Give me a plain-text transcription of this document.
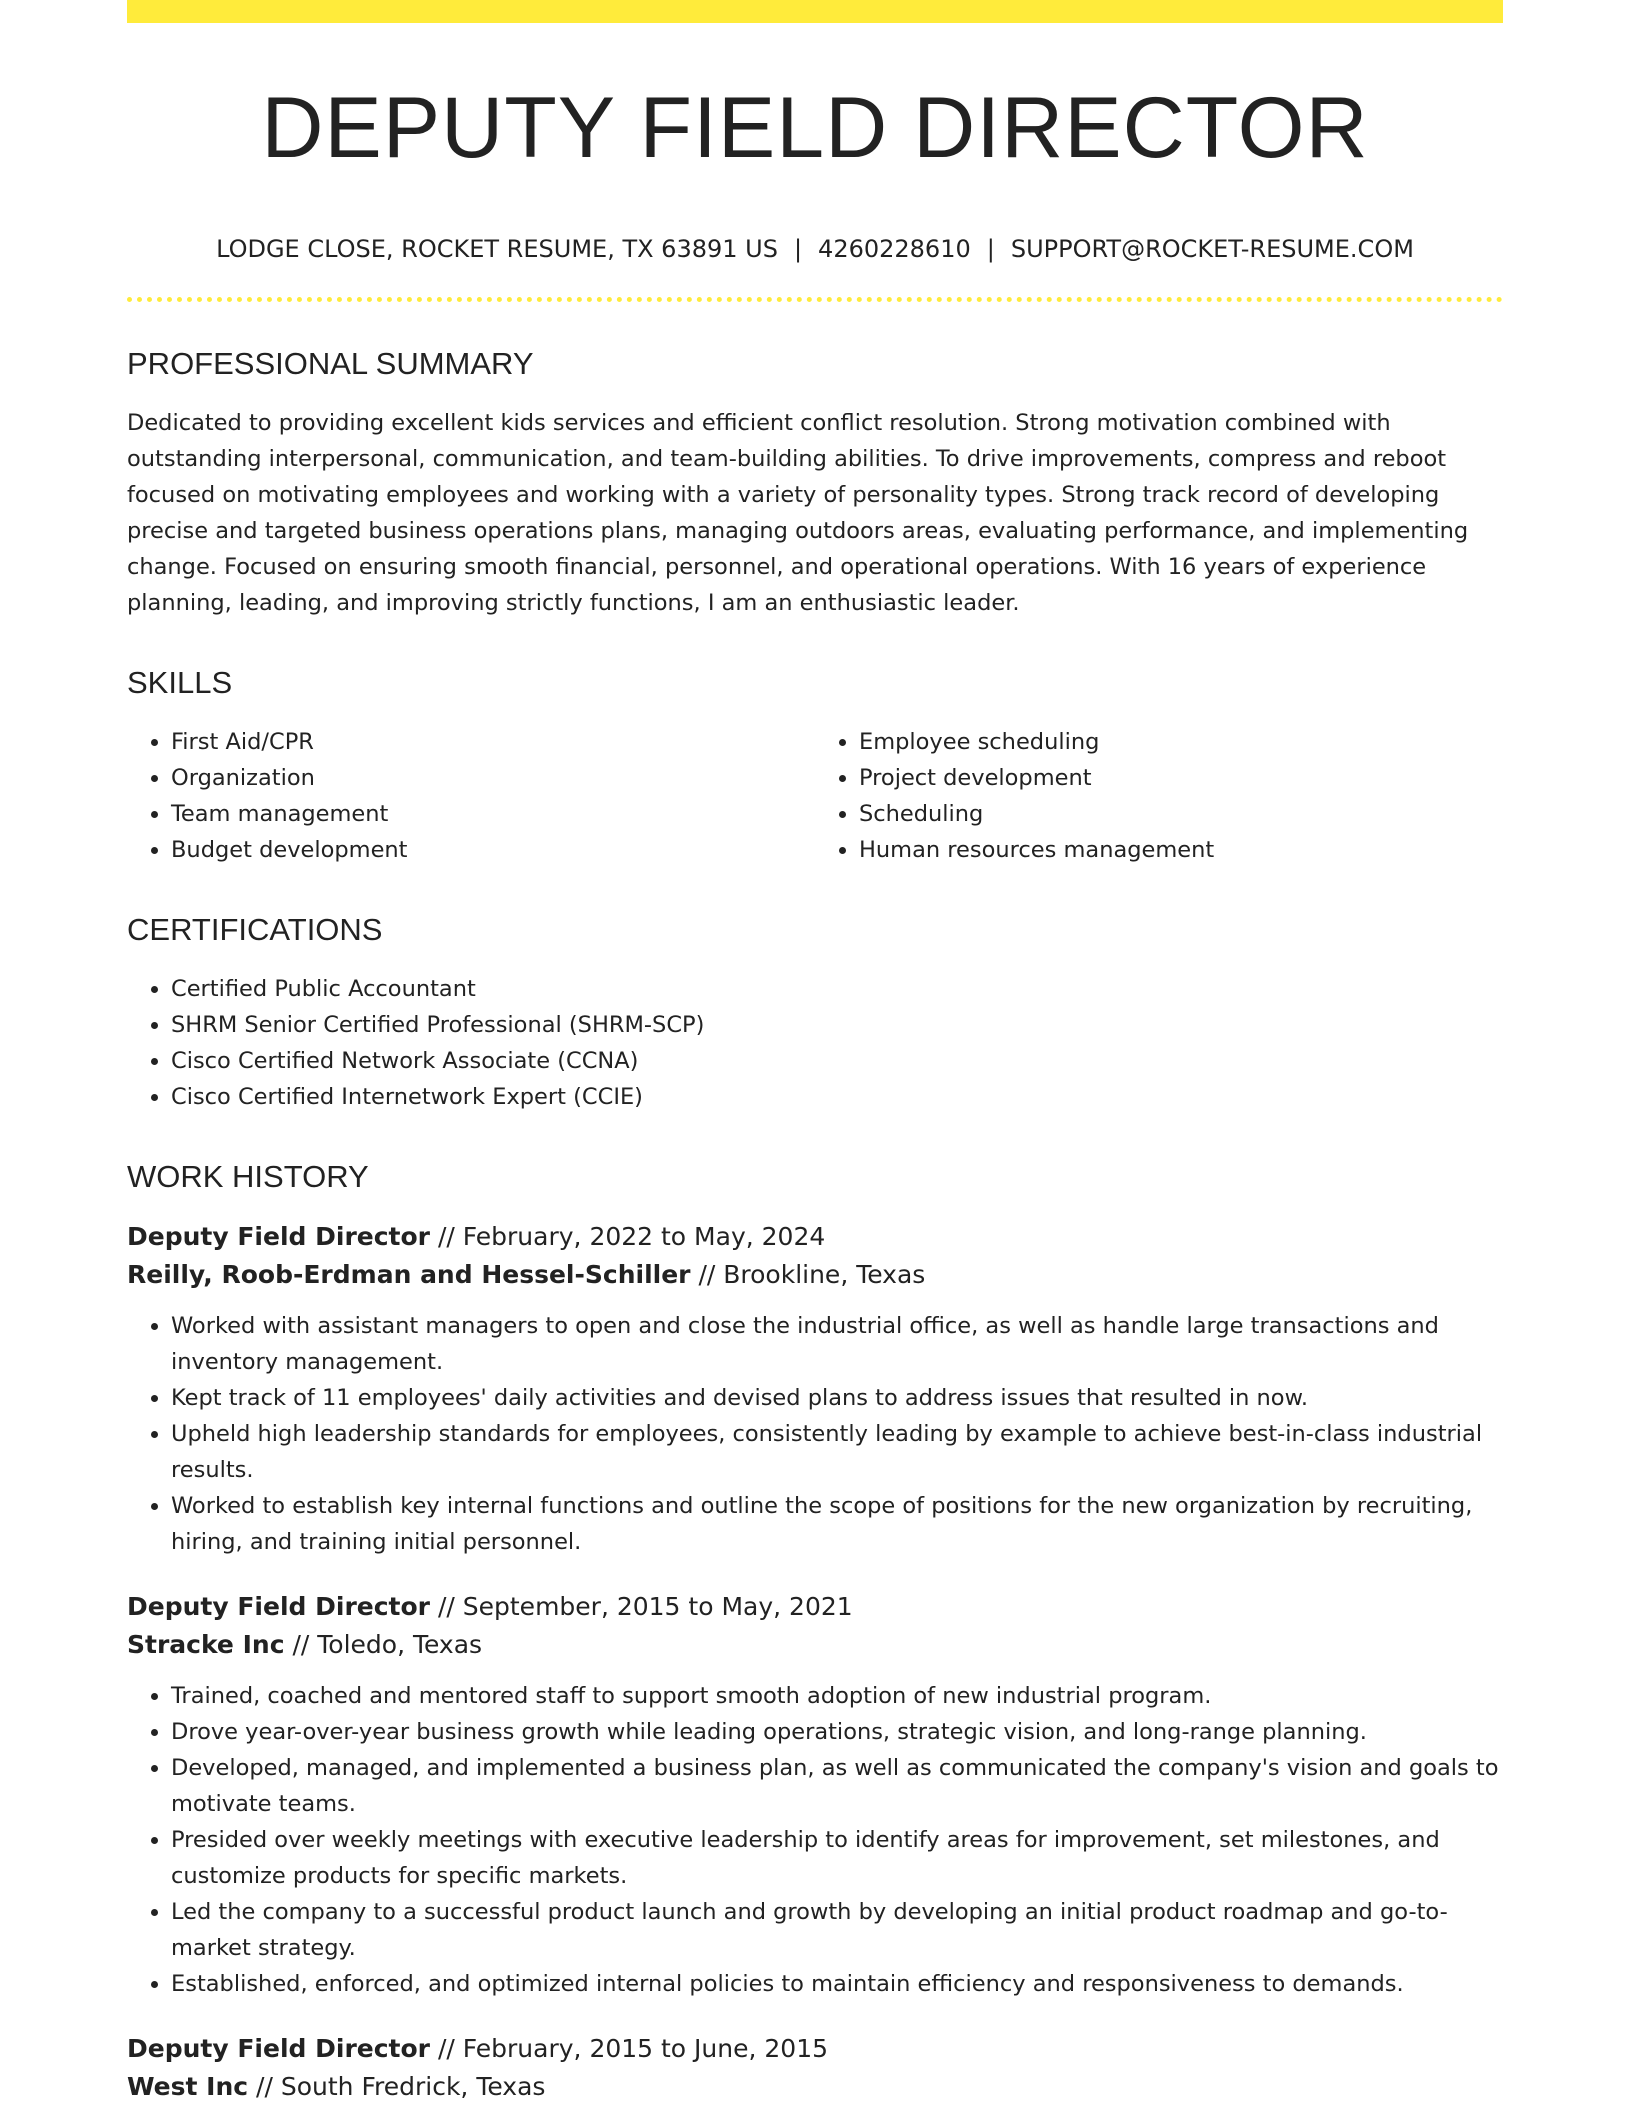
DEPUTY FIELD DIRECTOR
LODGE CLOSE, ROCKET RESUME, TX 63891 US | 4260228610 | SUPPORT@ROCKET-RESUME.COM
PROFESSIONAL SUMMARY

Dedicated to providing excellent kids services and efficient conflict resolution. Strong motivation combined with outstanding interpersonal, communication, and team-building abilities. To drive improvements, compress and reboot focused on motivating employees and working with a variety of personality types. Strong track record of developing precise and targeted business operations plans, managing outdoors areas, evaluating performance, and implementing change. Focused on ensuring smooth financial, personnel, and operational operations. With 16 years of experience planning, leading, and improving strictly functions, I am an enthusiastic leader.

SKILLS
• First Aid/CPR
• Organization
• Team management
• Budget development
• Employee scheduling
• Project development
• Scheduling
• Human resources management
CERTIFICATIONS
• Certified Public Accountant
• SHRM Senior Certified Professional (SHRM-SCP)
• Cisco Certified Network Associate (CCNA)
• Cisco Certified Internetwork Expert (CCIE)
WORK HISTORY
Deputy Field Director // February, 2022 to May, 2024
Reilly, Roob-Erdman and Hessel-Schiller // Brookline, Texas
• Worked with assistant managers to open and close the industrial office, as well as handle large transactions and inventory management.
• Kept track of 11 employees' daily activities and devised plans to address issues that resulted in now.
• Upheld high leadership standards for employees, consistently leading by example to achieve best-in-class industrial results.
• Worked to establish key internal functions and outline the scope of positions for the new organization by recruiting, hiring, and training initial personnel.
Deputy Field Director // September, 2015 to May, 2021
Stracke Inc // Toledo, Texas
• Trained, coached and mentored staff to support smooth adoption of new industrial program.
• Drove year-over-year business growth while leading operations, strategic vision, and long-range planning.
• Developed, managed, and implemented a business plan, as well as communicated the company's vision and goals to motivate teams.
• Presided over weekly meetings with executive leadership to identify areas for improvement, set milestones, and customize products for specific markets.
• Led the company to a successful product launch and growth by developing an initial product roadmap and go-to-market strategy.
• Established, enforced, and optimized internal policies to maintain efficiency and responsiveness to demands.
Deputy Field Director // February, 2015 to June, 2015
West Inc // South Fredrick, Texas
